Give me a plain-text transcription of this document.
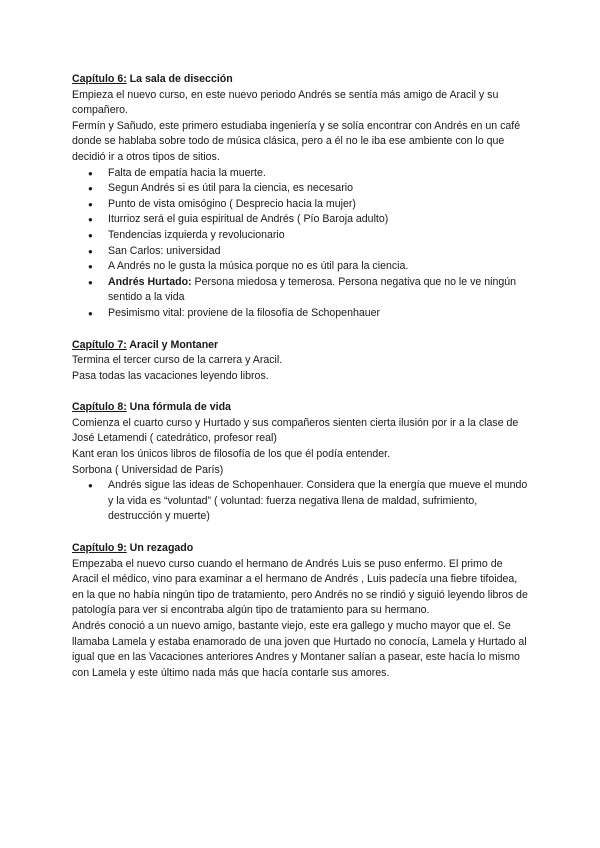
Capítulo 6: La sala de disección

Empieza el nuevo curso, en este nuevo periodo Andrés se sentía más amigo de Aracil y su compañero.

Fermín y Sañudo, este primero estudiaba ingeniería y se solía encontrar con Andrés en un café donde se hablaba sobre todo de música clásica, pero a él no le iba ese ambiente con lo que decidió ir a otros tipos de sitios.

● Falta de empatía hacia la muerte.
● Segun Andrés si es útil para la ciencia, es necesario
● Punto de vista omisógino ( Desprecio hacia la mujer)
● Iturrioz será el guia espiritual de Andrés ( Pío Baroja adulto)
● Tendencias izquierda y revolucionario
● San Carlos: universidad
● A Andrés no le gusta la música porque no es útil para la ciencia.
● Andrés Hurtado: Persona miedosa y temerosa. Persona negativa que no le ve ningún sentido a la vida
● Pesimismo vital: proviene de la filosofía de Schopenhauer
Capítulo 7: Aracil y Montaner

Termina el tercer curso de la carrera y Aracil.

Pasa todas las vacaciones leyendo libros.

Capítulo 8: Una fórmula de vida

Comienza el cuarto curso y Hurtado y sus compañeros sienten cierta ilusión por ir a la clase de José Letamendi ( catedrático, profesor real)

Kant eran los únicos libros de filosofía de los que él podía entender.

Sorbona ( Universidad de París)

● Andrés sigue las ideas de Schopenhauer. Considera que la energía que mueve el mundo y la vida es “voluntad” ( voluntad: fuerza negativa llena de maldad, sufrimiento, destrucción y muerte)
Capítulo 9: Un rezagado

Empezaba el nuevo curso cuando el hermano de Andrés Luis se puso enfermo. El primo de Aracil el médico, vino para examinar a el hermano de Andrés , Luis padecía una fiebre tifoidea, en la que no había ningún tipo de tratamiento, pero Andrés no se rindió y siguió leyendo libros de patología para ver si encontraba algún tipo de tratamiento para su hermano.

Andrés conoció a un nuevo amigo, bastante viejo, este era gallego y mucho mayor que el. Se llamaba Lamela y estaba enamorado de una joven que Hurtado no conocía, Lamela y Hurtado al igual que en las Vacaciones anteriores Andres y Montaner salían a pasear, este hacía lo mismo con Lamela y este último nada más que hacía contarle sus amores.
